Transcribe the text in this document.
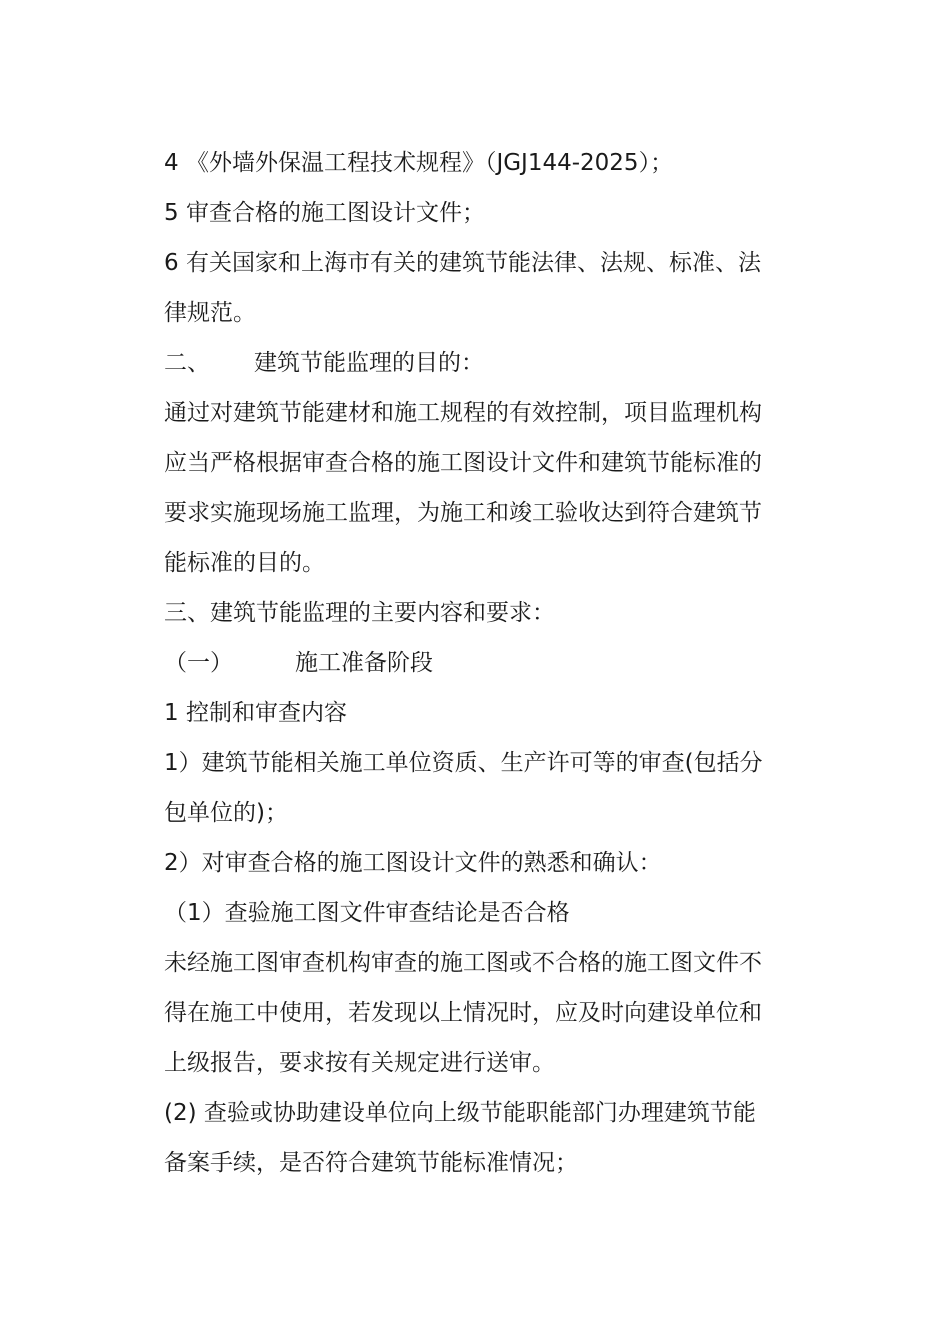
4 《外墙外保温工程技术规程》（JGJ144-2025）；
5 审查合格的施工图设计文件；
6 有关国家和上海市有关的建筑节能法律、法规、标准、法
律规范。
二、 建筑节能监理的目的：
通过对建筑节能建材和施工规程的有效控制，项目监理机构
应当严格根据审查合格的施工图设计文件和建筑节能标准的
要求实施现场施工监理，为施工和竣工验收达到符合建筑节
能标准的目的。
三、建筑节能监理的主要内容和要求：
（一）	施工准备阶段
1 控制和审查内容
1）建筑节能相关施工单位资质、生产许可等的审查(包括分
包单位的)；
2）对审查合格的施工图设计文件的熟悉和确认：
（1）查验施工图文件审查结论是否合格
未经施工图审查机构审查的施工图或不合格的施工图文件不
得在施工中使用，若发现以上情况时，应及时向建设单位和
上级报告，要求按有关规定进行送审。
(2) 查验或协助建设单位向上级节能职能部门办理建筑节能
备案手续，是否符合建筑节能标准情况；
